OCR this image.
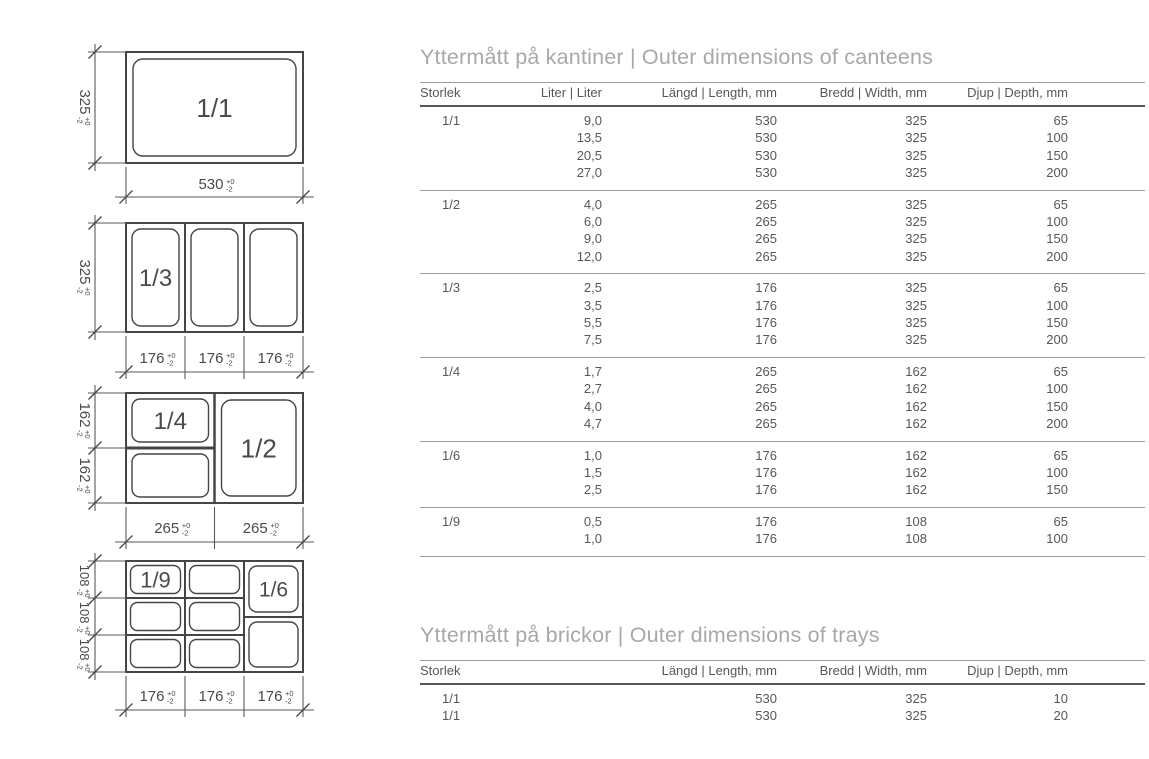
1/1
325
+0
-2
530 +0
-2
1/3
325
+0
-2
176 +0
-2 176 +0
-2 176 +0
-2
1/4
1/2
162
+0
-2
162
+0
-2
265 +0
-2	265 +0
-2
1/9	1/6
108
+0
-2
108
+0
-2
108
+0
-2
176 +0
-2 176 +0
-2 176 +0
-2
Yttermått på kantiner | Outer dimensions of canteens
Storlek	Liter | Liter	Längd | Length, mm	Bredd | Width, mm	Djup | Depth, mm
1/1	9,0	530	325	65
	13,5	530	325	100
	20,5	530	325	150
	27,0	530	325	200
1/2	4,0	265	325	65
	6,0	265	325	100
	9,0	265	325	150
	12,0	265	325	200
1/3	2,5	176	325	65
	3,5	176	325	100
	5,5	176	325	150
	7,5	176	325	200
1/4	1,7	265	162	65
	2,7	265	162	100
	4,0	265	162	150
	4,7	265	162	200
1/6	1,0	176	162	65
	1,5	176	162	100
	2,5	176	162	150
1/9	0,5	176	108	65
	1,0	176	108	100
Yttermått på brickor | Outer dimensions of trays
Storlek	Längd | Length, mm	Bredd | Width, mm	Djup | Depth, mm
1/1	530	325	10
1/1	530	325	20
